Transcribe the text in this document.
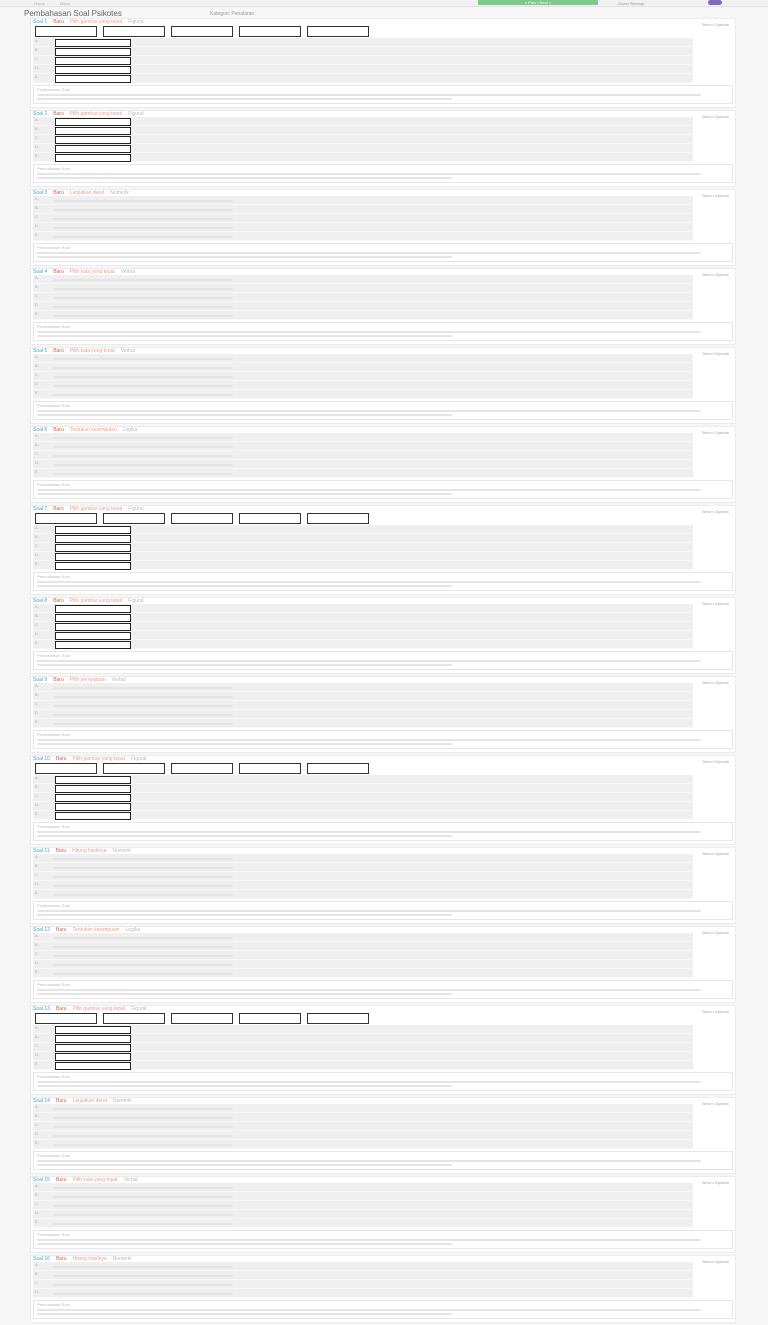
Home	Menu	< Prev | Next >	Guest Sitemap
Pembahasan Soal Psikotes	Kategori: Penalaran
Soal 1 Baru Pilih gambar yang tepat Figural	Belum Dijawab
A.
B.
C.
D.
E.
Pembahasan Soal
Soal 2 Baru Pilih gambar yang tepat Figural	Belum Dijawab
A.
B.
C.
D.
E.
Pembahasan Soal
Soal 3 Baru Lanjutkan deret Numerik	Belum Dijawab
A.
B.
C.
D.
E.
Pembahasan Soal
Soal 4 Baru Pilih kata yang tepat Verbal	Belum Dijawab
A.
B.
C.
D.
E.
Pembahasan Soal
Soal 5 Baru Pilih kata yang tepat Verbal	Belum Dijawab
A.
B.
C.
D.
E.
Pembahasan Soal
Soal 6 Baru Tentukan kesimpulan Logika	Belum Dijawab
A.
B.
C.
D.
E.
Pembahasan Soal
Soal 7 Baru Pilih gambar yang tepat Figural	Belum Dijawab
A.
B.
C.
D.
E.
Pembahasan Soal
Soal 8 Baru Pilih gambar yang tepat Figural	Belum Dijawab
A.
B.
C.
D.
E.
Pembahasan Soal
Soal 9 Baru Pilih pernyataan Verbal	Belum Dijawab
A.
B.
C.
D.
E.
Pembahasan Soal
Soal 10 Baru Pilih gambar yang tepat Figural	Belum Dijawab
A.
B.
C.
D.
E.
Pembahasan Soal
Soal 11 Baru Hitung hasilnya Numerik	Belum Dijawab
A.
B.
C.
D.
E.
Pembahasan Soal
Soal 12 Baru Tentukan kesimpulan Logika	Belum Dijawab
A.
B.
C.
D.
E.
Pembahasan Soal
Soal 13 Baru Pilih gambar yang tepat Figural	Belum Dijawab
A.
B.
C.
D.
E.
Pembahasan Soal
Soal 14 Baru Lanjutkan deret Numerik	Belum Dijawab
A.
B.
C.
D.
E.
Pembahasan Soal
Soal 15 Baru Pilih kata yang tepat Verbal	Belum Dijawab
A.
B.
C.
D.
E.
Pembahasan Soal
Soal 16 Baru Hitung hasilnya Numerik	Belum Dijawab
A.
B.
C.
D.
Pembahasan Soal
